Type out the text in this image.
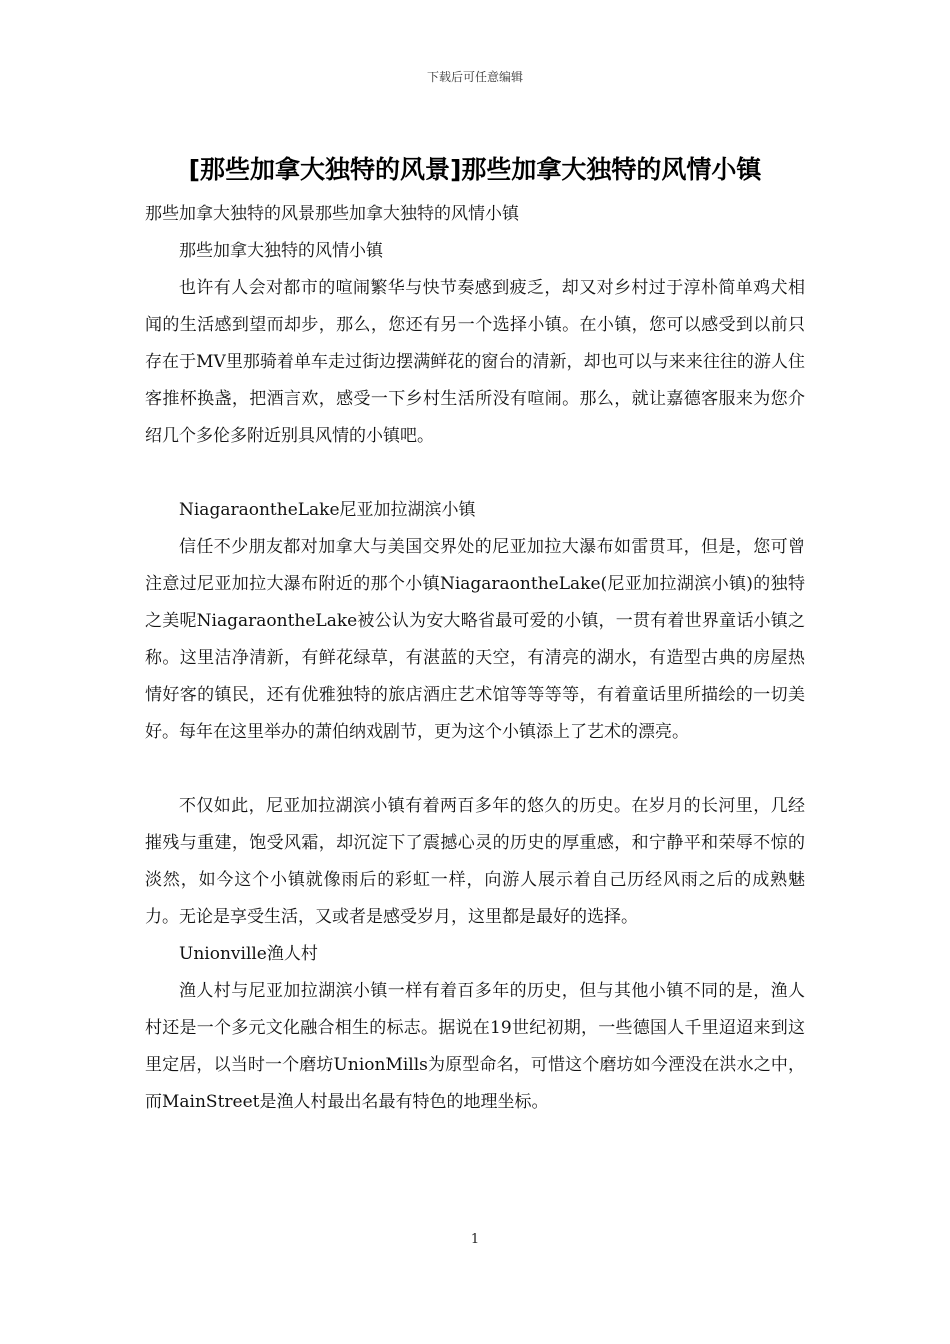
下载后可任意编辑
[那些加拿大独特的风景]那些加拿大独特的风情小镇

那些加拿大独特的风景那些加拿大独特的风情小镇

那些加拿大独特的风情小镇

也许有人会对都市的喧闹繁华与快节奏感到疲乏，却又对乡村过于淳朴简单鸡犬相闻的生活感到望而却步，那么，您还有另一个选择小镇。在小镇，您可以感受到以前只存在于MV里那骑着单车走过街边摆满鲜花的窗台的清新，却也可以与来来往往的游人住客推杯换盏，把酒言欢，感受一下乡村生活所没有喧闹。那么，就让嘉德客服来为您介绍几个多伦多附近别具风情的小镇吧。

NiagaraontheLake尼亚加拉湖滨小镇

信任不少朋友都对加拿大与美国交界处的尼亚加拉大瀑布如雷贯耳，但是，您可曾注意过尼亚加拉大瀑布附近的那个小镇NiagaraontheLake(尼亚加拉湖滨小镇)的独特之美呢NiagaraontheLake被公认为安大略省最可爱的小镇，一贯有着世界童话小镇之称。这里洁净清新，有鲜花绿草，有湛蓝的天空，有清亮的湖水，有造型古典的房屋热情好客的镇民，还有优雅独特的旅店酒庄艺术馆等等等等，有着童话里所描绘的一切美好。每年在这里举办的萧伯纳戏剧节，更为这个小镇添上了艺术的漂亮。

不仅如此，尼亚加拉湖滨小镇有着两百多年的悠久的历史。在岁月的长河里，几经摧残与重建，饱受风霜，却沉淀下了震撼心灵的历史的厚重感，和宁静平和荣辱不惊的淡然，如今这个小镇就像雨后的彩虹一样，向游人展示着自己历经风雨之后的成熟魅力。无论是享受生活，又或者是感受岁月，这里都是最好的选择。

Unionville渔人村

渔人村与尼亚加拉湖滨小镇一样有着百多年的历史，但与其他小镇不同的是，渔人村还是一个多元文化融合相生的标志。据说在19世纪初期，一些德国人千里迢迢来到这里定居，以当时一个磨坊UnionMills为原型命名，可惜这个磨坊如今湮没在洪水之中，而MainStreet是渔人村最出名最有特色的地理坐标。

1
